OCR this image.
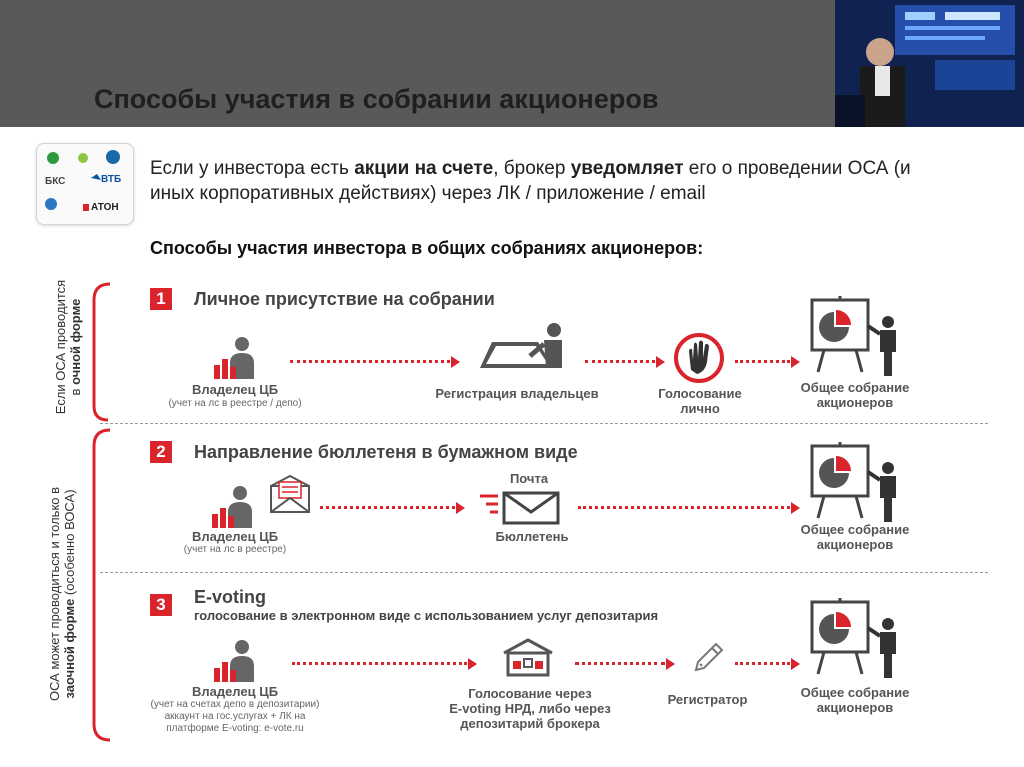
Способы участия в собрании акционеров
БКС	ВТБ
АТОН
Если у инвестора есть акции на счете, брокер уведомляет его о проведении ОСА (и иных корпоративных действиях) через ЛК / приложение / email
Способы участия инвестора в общих собраниях акционеров:
Если ОСА проводится в очной форме
ОСА может проводиться и только в заочной форме (особенно ВОСА)
1	Личное присутствие на собрании
Владелец ЦБ
(учет на лс в реестре / депо)
Регистрация владельцев	Голосование
лично
Общее собрание
акционеров
2	Направление бюллетеня в бумажном виде
Владелец ЦБ
(учет на лс в реестре)
Почта
Бюллетень	Общее собрание
акционеров
3	E-voting
голосование в электронном виде с использованием услуг депозитария
Владелец ЦБ
(учет на счетах депо в депозитарии)
аккаунт на гос.услугах + ЛК на
платформе E-voting: e-vote.ru
Голосование через
E-voting НРД, либо через
депозитарий брокера
Регистратор	Общее собрание
акционеров
